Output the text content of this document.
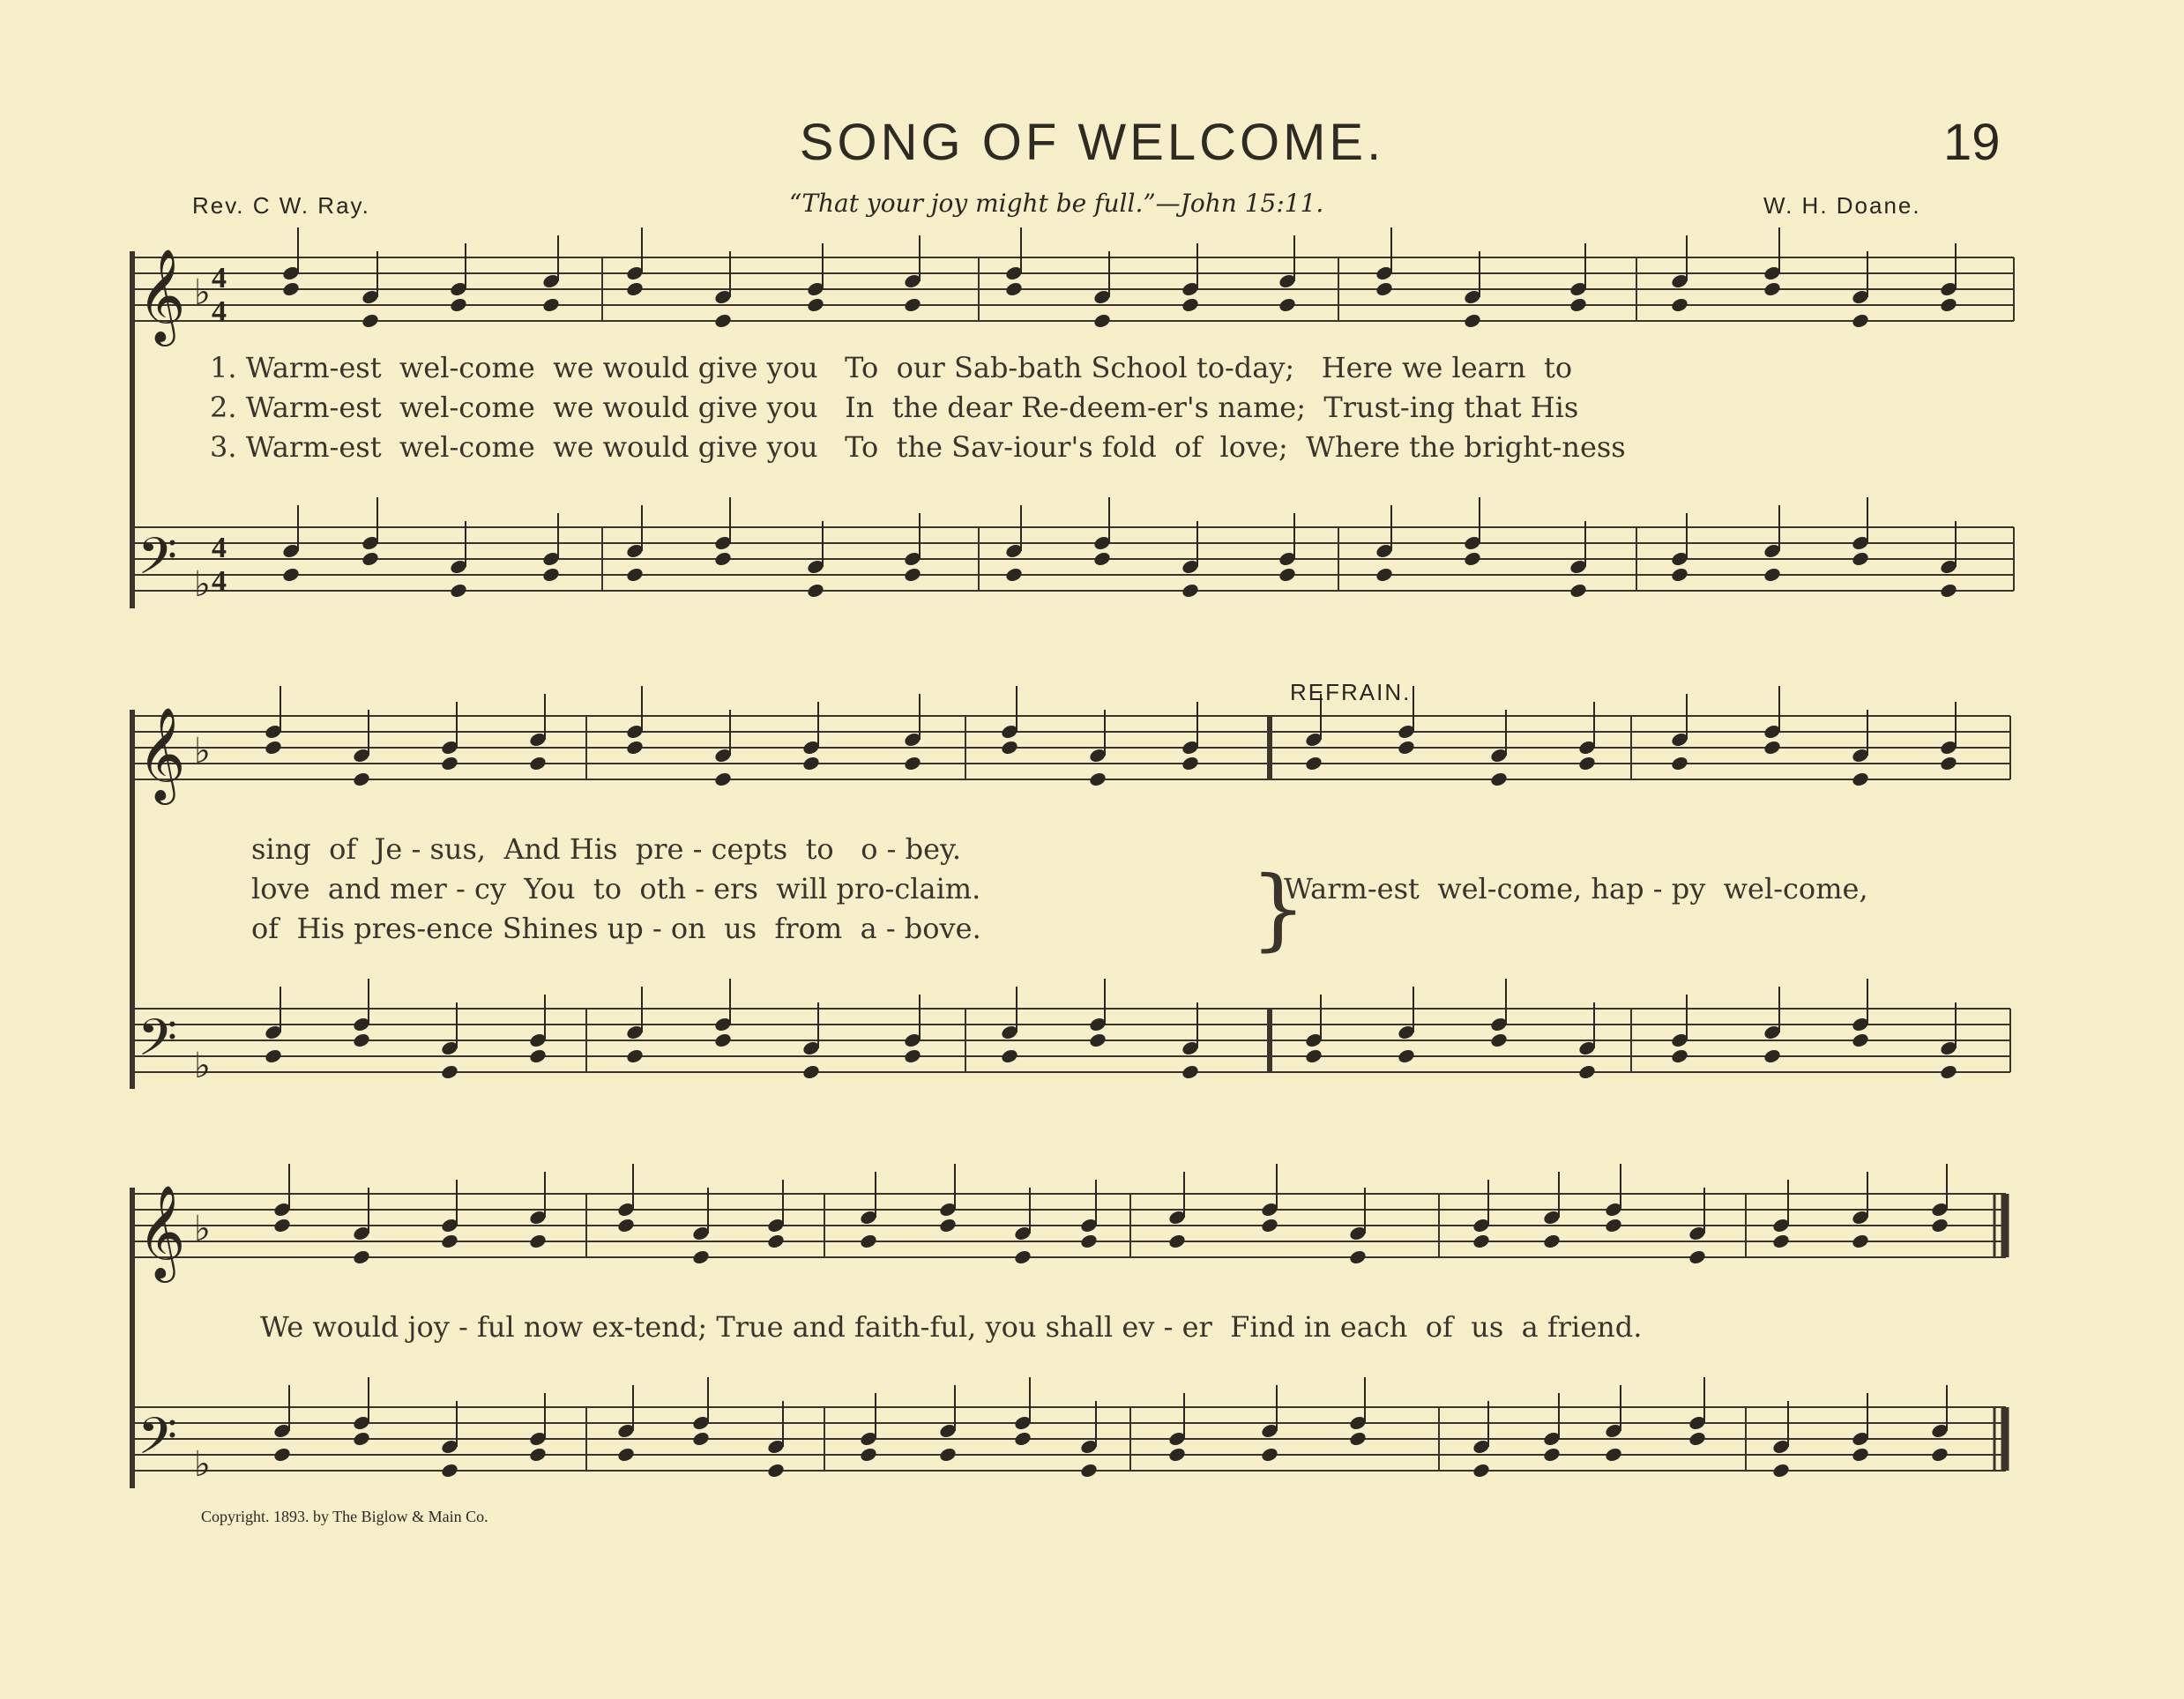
SONG OF WELCOME.	19
Rev. C W. Ray.	“That your joy might be full.”—John 15:11.	W. H. Doane.
𝄞
𝄢
♭ 4
4
♭
4
4
1. Warm-est  wel-come  we would give you   To  our Sab-bath School to-day;   Here we learn  to
2. Warm-est  wel-come  we would give you   In  the dear Re-deem-er's name;  Trust-ing that His
3. Warm-est  wel-come  we would give you   To  the Sav-iour's fold  of  love;  Where the bright-ness
REFRAIN.
𝄞
𝄢
♭
♭
}
sing  of  Je - sus,  And His  pre - cepts  to   o - bey.
love  and mer - cy  You  to  oth - ers  will pro-claim.
of  His pres-ence Shines up - on  us  from  a - bove.
Warm-est  wel-come, hap - py  wel-come,
𝄞
𝄢
♭
♭
We would joy - ful now ex-tend; True and faith-ful, you shall ev - er  Find in each  of  us  a friend.
Copyright. 1893. by The Biglow & Main Co.
